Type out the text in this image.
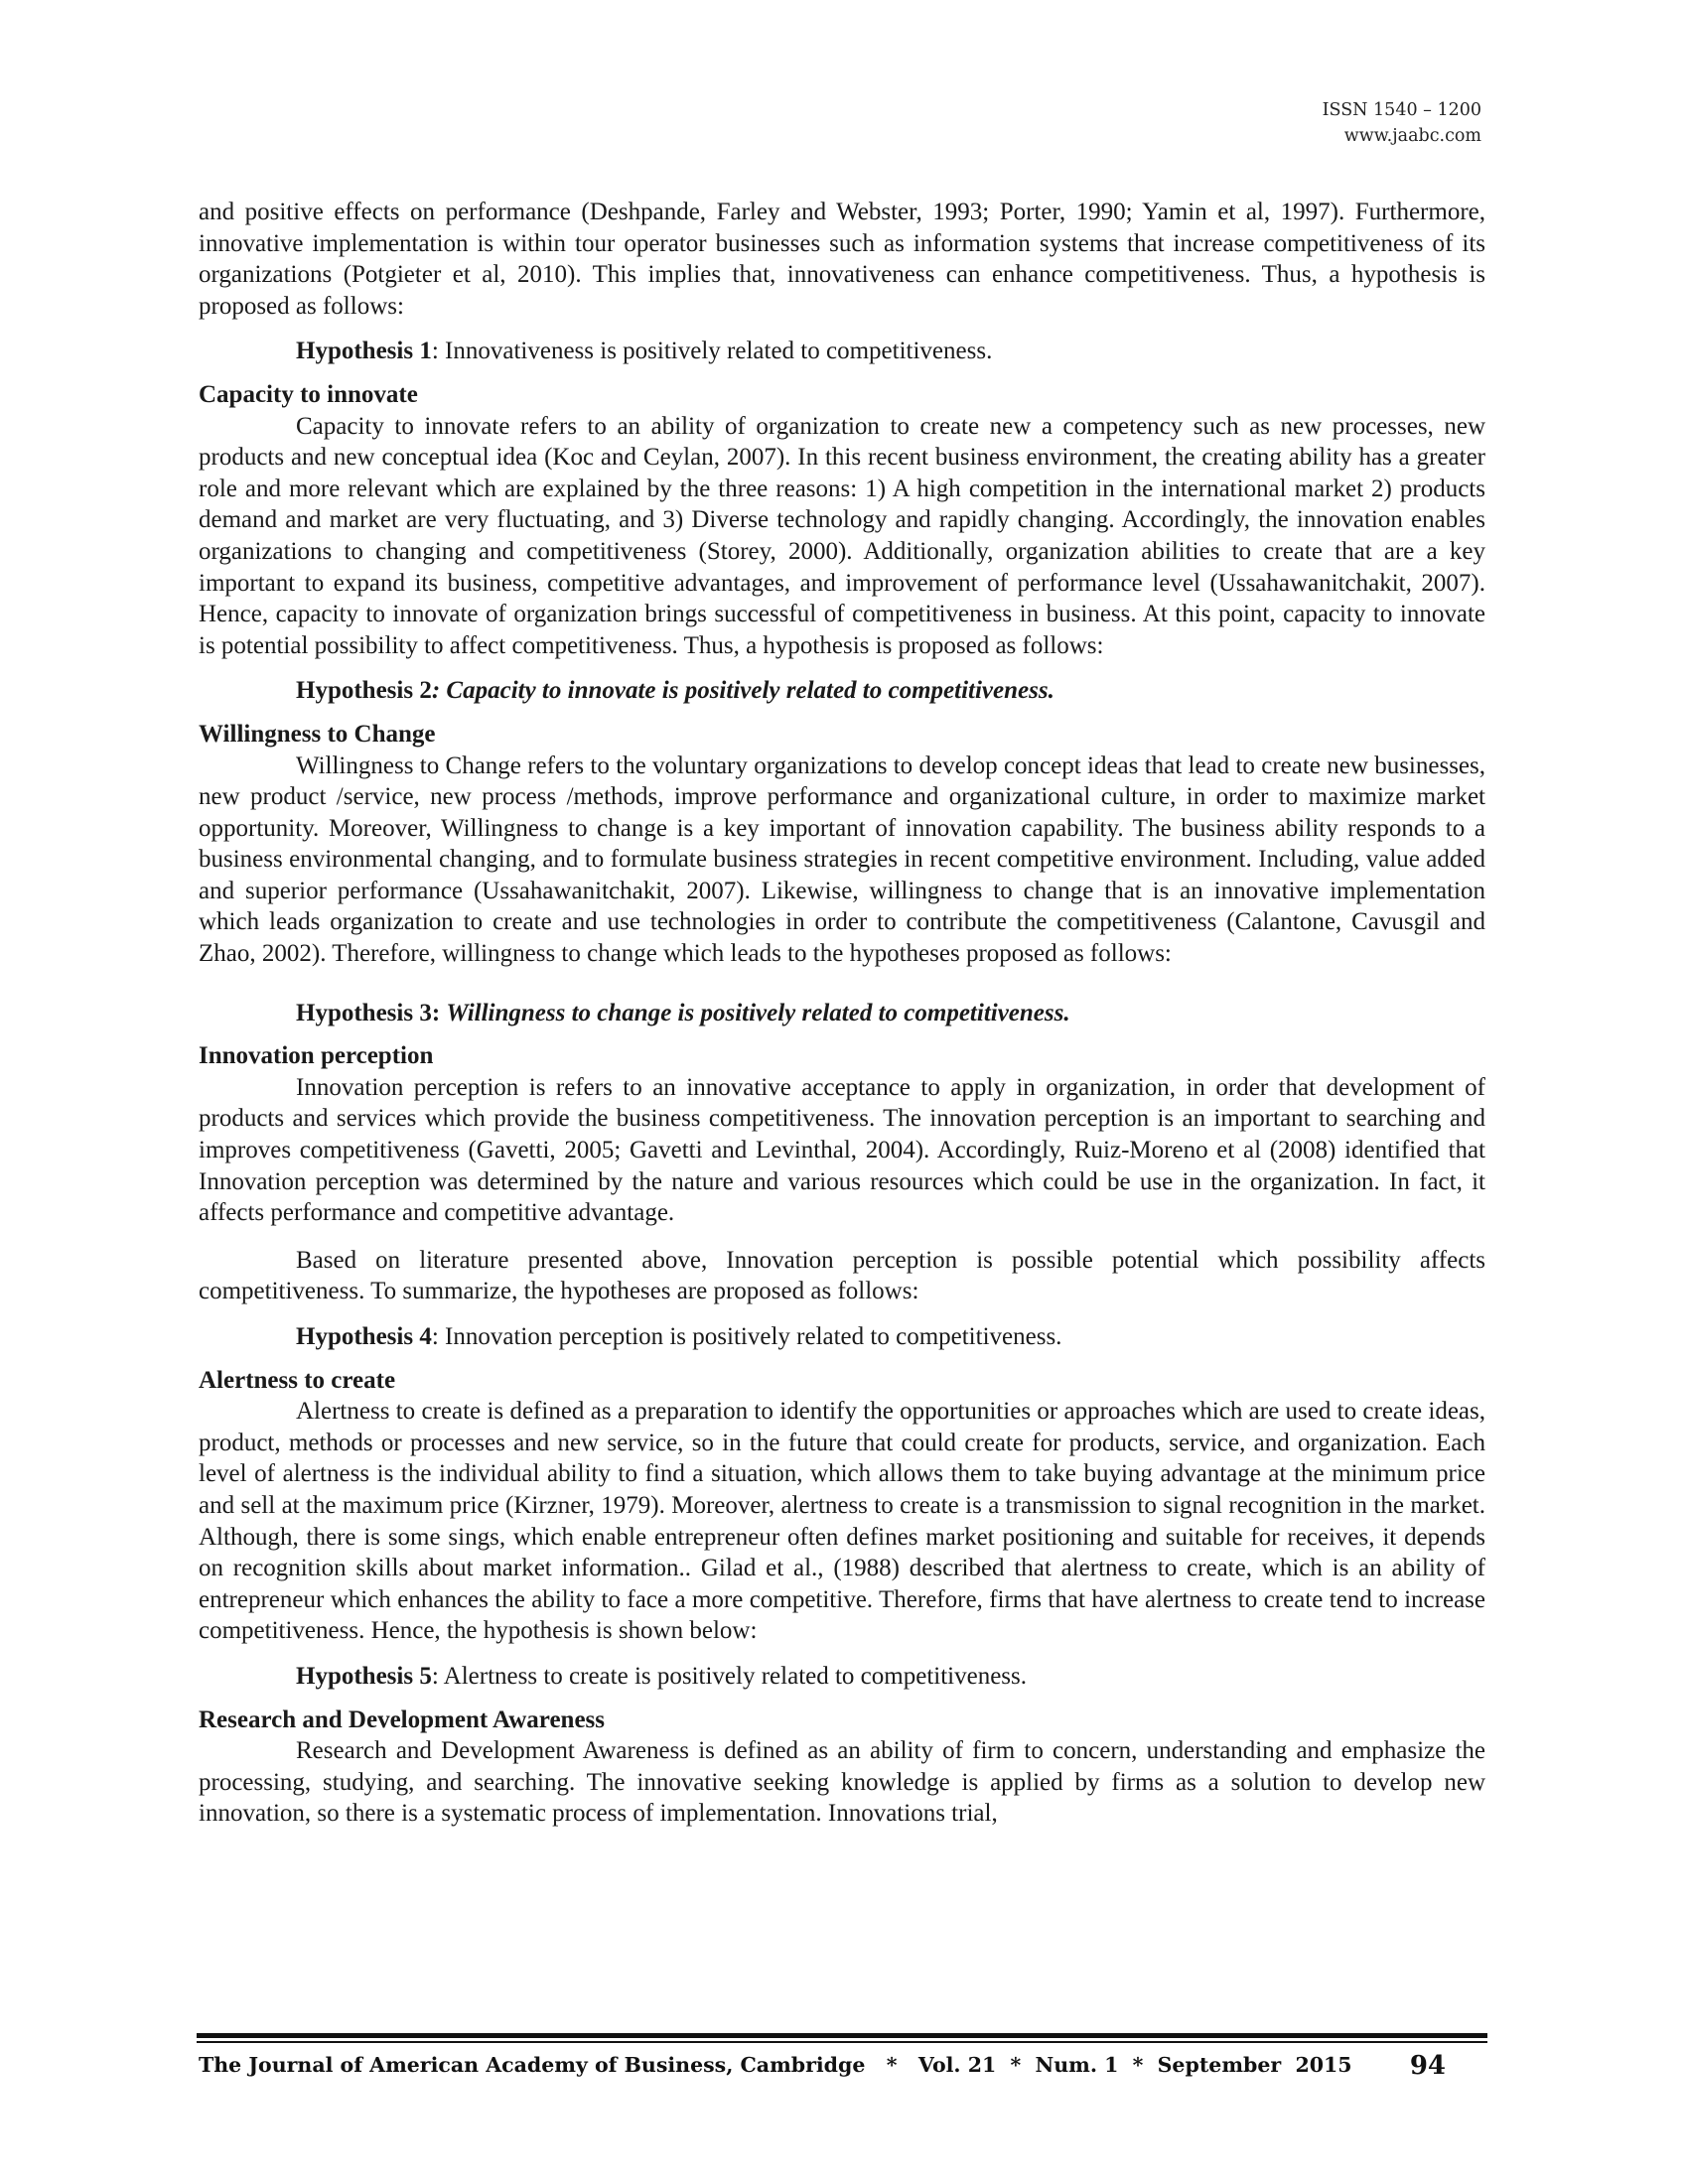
ISSN 1540 – 1200
www.jaabc.com

and positive effects on performance (Deshpande, Farley and Webster, 1993; Porter, 1990; Yamin et al, 1997). Furthermore, innovative implementation is within tour operator businesses such as information systems that increase competitiveness of its organizations (Potgieter et al, 2010). This implies that, innovativeness can enhance competitiveness. Thus, a hypothesis is proposed as follows:

Hypothesis 1: Innovativeness is positively related to competitiveness.
Capacity to innovate

Capacity to innovate refers to an ability of organization to create new a competency such as new processes, new products and new conceptual idea (Koc and Ceylan, 2007). In this recent business environment, the creating ability has a greater role and more relevant which are explained by the three reasons: 1) A high competition in the international market 2) products demand and market are very fluctuating, and 3) Diverse technology and rapidly changing. Accordingly, the innovation enables organizations to changing and competitiveness (Storey, 2000). Additionally, organization abilities to create that are a key important to expand its business, competitive advantages, and improvement of performance level (Ussahawanitchakit, 2007). Hence, capacity to innovate of organization brings successful of competitiveness in business. At this point, capacity to innovate is potential possibility to affect competitiveness. Thus, a hypothesis is proposed as follows:

Hypothesis 2: Capacity to innovate is positively related to competitiveness.
Willingness to Change

Willingness to Change refers to the voluntary organizations to develop concept ideas that lead to create new businesses, new product /service, new process /methods, improve performance and organizational culture, in order to maximize market opportunity. Moreover, Willingness to change is a key important of innovation capability. The business ability responds to a business environmental changing, and to formulate business strategies in recent competitive environment. Including, value added and superior performance (Ussahawanitchakit, 2007). Likewise, willingness to change that is an innovative implementation which leads organization to create and use technologies in order to contribute the competitiveness (Calantone, Cavusgil and Zhao, 2002). Therefore, willingness to change which leads to the hypotheses proposed as follows:

Hypothesis 3: Willingness to change is positively related to competitiveness.
Innovation perception

Innovation perception is refers to an innovative acceptance to apply in organization, in order that development of products and services which provide the business competitiveness. The innovation perception is an important to searching and improves competitiveness (Gavetti, 2005; Gavetti and Levinthal, 2004). Accordingly, Ruiz-Moreno et al (2008) identified that Innovation perception was determined by the nature and various resources which could be use in the organization. In fact, it affects performance and competitive advantage.

Based on literature presented above, Innovation perception is possible potential which possibility affects competitiveness. To summarize, the hypotheses are proposed as follows:

Hypothesis 4: Innovation perception is positively related to competitiveness.
Alertness to create

Alertness to create is defined as a preparation to identify the opportunities or approaches which are used to create ideas, product, methods or processes and new service, so in the future that could create for products, service, and organization. Each level of alertness is the individual ability to find a situation, which allows them to take buying advantage at the minimum price and sell at the maximum price (Kirzner, 1979). Moreover, alertness to create is a transmission to signal recognition in the market. Although, there is some sings, which enable entrepreneur often defines market positioning and suitable for receives, it depends on recognition skills about market information.. Gilad et al., (1988) described that alertness to create, which is an ability of entrepreneur which enhances the ability to face a more competitive. Therefore, firms that have alertness to create tend to increase competitiveness. Hence, the hypothesis is shown below:

Hypothesis 5: Alertness to create is positively related to competitiveness.
Research and Development Awareness

Research and Development Awareness is defined as an ability of firm to concern, understanding and emphasize the processing, studying, and searching. The innovative seeking knowledge is applied by firms as a solution to develop new innovation, so there is a systematic process of implementation. Innovations trial,

The Journal of American Academy of Business, Cambridge   *   Vol. 21  *  Num. 1  *  September  2015 94
